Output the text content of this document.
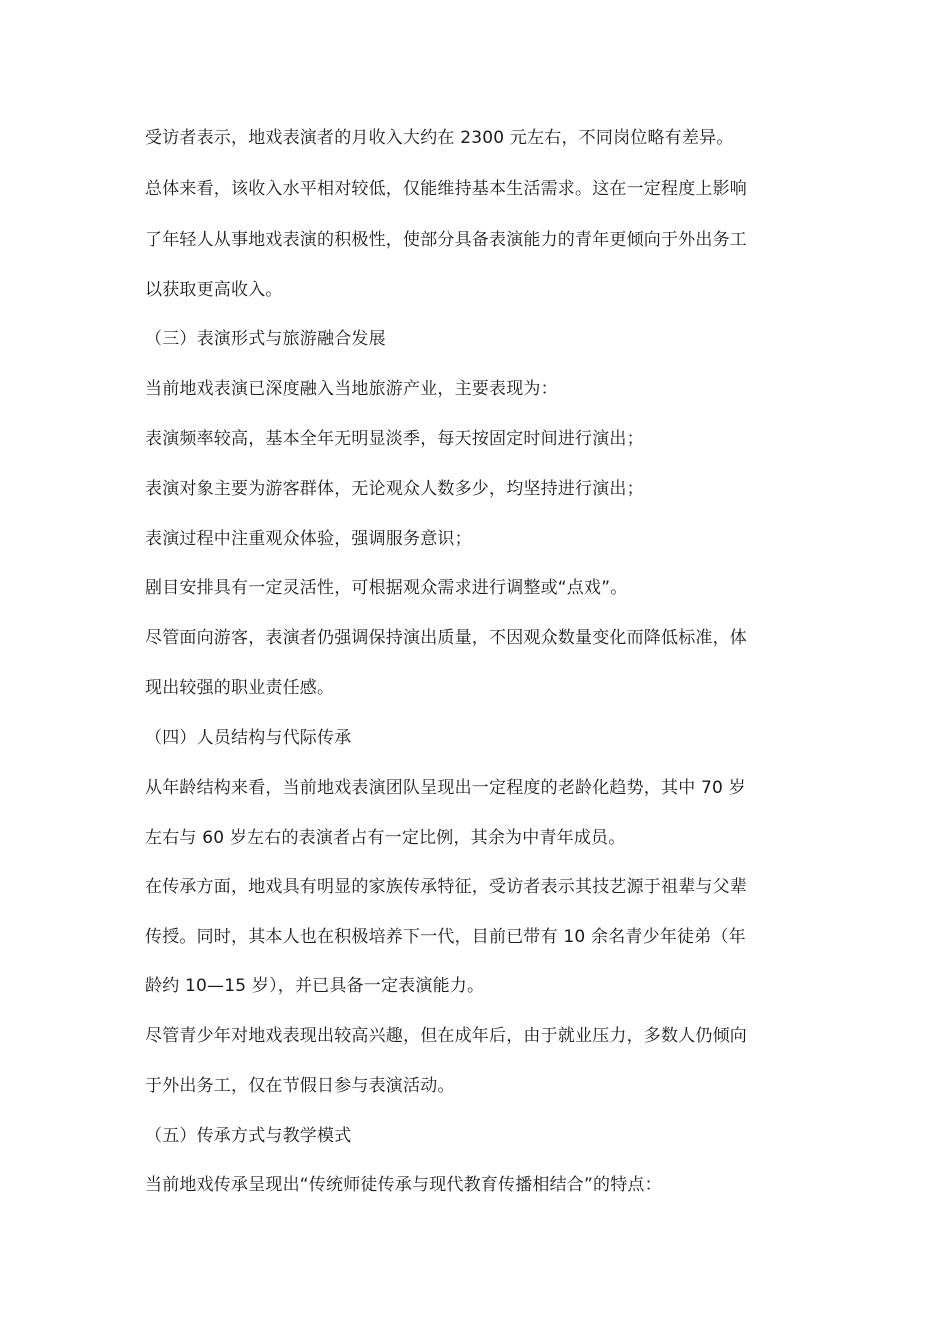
受访者表示，地戏表演者的月收入大约在 2300 元左右，不同岗位略有差异。
总体来看，该收入水平相对较低，仅能维持基本生活需求。这在一定程度上影响
了年轻人从事地戏表演的积极性，使部分具备表演能力的青年更倾向于外出务工
以获取更高收入。
（三）表演形式与旅游融合发展
当前地戏表演已深度融入当地旅游产业，主要表现为：
表演频率较高，基本全年无明显淡季，每天按固定时间进行演出；
表演对象主要为游客群体，无论观众人数多少，均坚持进行演出；
表演过程中注重观众体验，强调服务意识；
剧目安排具有一定灵活性，可根据观众需求进行调整或“点戏”。
尽管面向游客，表演者仍强调保持演出质量，不因观众数量变化而降低标准，体
现出较强的职业责任感。
（四）人员结构与代际传承
从年龄结构来看，当前地戏表演团队呈现出一定程度的老龄化趋势，其中 70 岁
左右与 60 岁左右的表演者占有一定比例，其余为中青年成员。
在传承方面，地戏具有明显的家族传承特征，受访者表示其技艺源于祖辈与父辈
传授。同时，其本人也在积极培养下一代，目前已带有 10 余名青少年徒弟（年
龄约 10—15 岁），并已具备一定表演能力。
尽管青少年对地戏表现出较高兴趣，但在成年后，由于就业压力，多数人仍倾向
于外出务工，仅在节假日参与表演活动。
（五）传承方式与教学模式
当前地戏传承呈现出“传统师徒传承与现代教育传播相结合”的特点：
